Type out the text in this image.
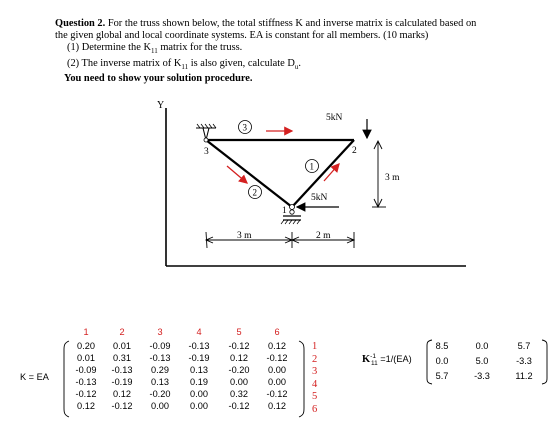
Question 2. For the truss shown below, the total stiffness K and inverse matrix is calculated based on
the given global and local coordinate systems. EA is constant for all members. (10 marks)
(1) Determine the $K_{11}$ matrix for the truss.
(2) The inverse matrix of $K_{11}$ is also given, calculate $D_u$.
You need to show your solution procedure.
Y
3	2
1
3
1
2
5kN
5kN
3 m
3 m	2 m
K = EA
1	2	3	4	5	6
0.20	0.01	-0.09	-0.13	-0.12	0.12
0.01	0.31	-0.13	-0.19	0.12	-0.12
-0.09	-0.13	0.29	0.13	-0.20	0.00
-0.13	-0.19	0.13	0.19	0.00	0.00
-0.12	0.12	-0.20	0.00	0.32	-0.12
0.12	-0.12	0.00	0.00	-0.12	0.12
1
2
3
4
5
6
$K^{-1}_{11} =1/(EA)$
8.5	0.0	5.7
0.0	5.0	-3.3
5.7	-3.3	11.2
